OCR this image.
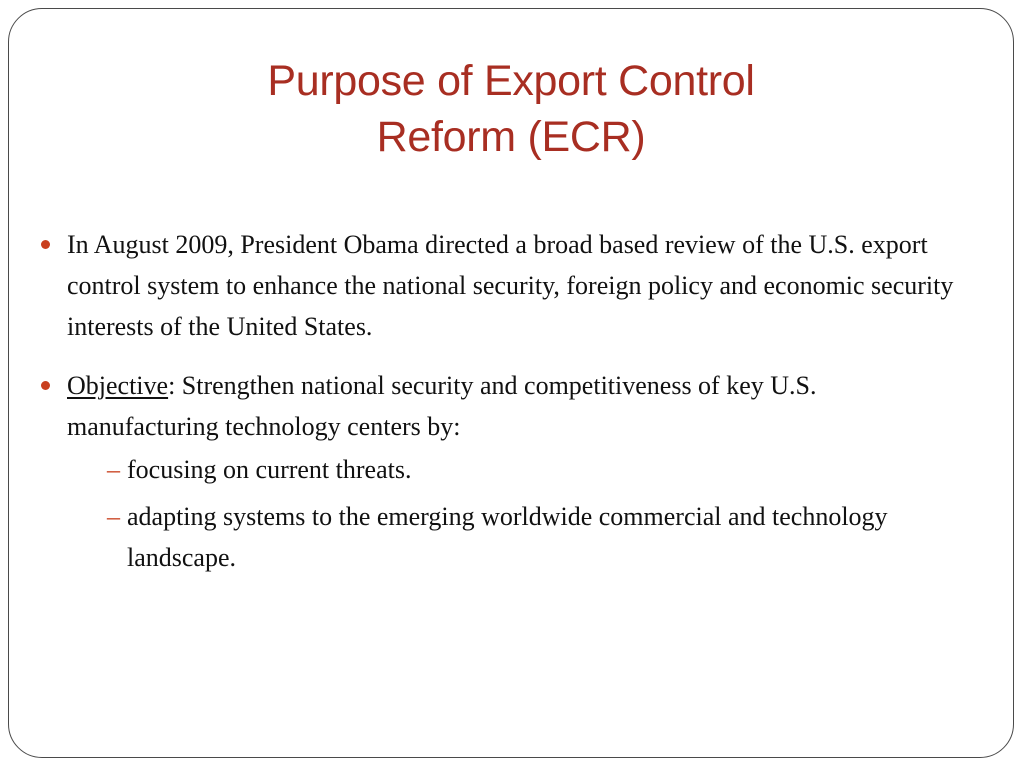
Purpose of Export Control
Reform (ECR)
In August 2009, President Obama directed a broad based review of the U.S. export control system to enhance the national security, foreign policy and economic security interests of the United States.
Objective: Strengthen national security and competitiveness of key U.S. manufacturing technology centers by:
– focusing on current threats.
– adapting systems to the emerging worldwide commercial and technology landscape.
